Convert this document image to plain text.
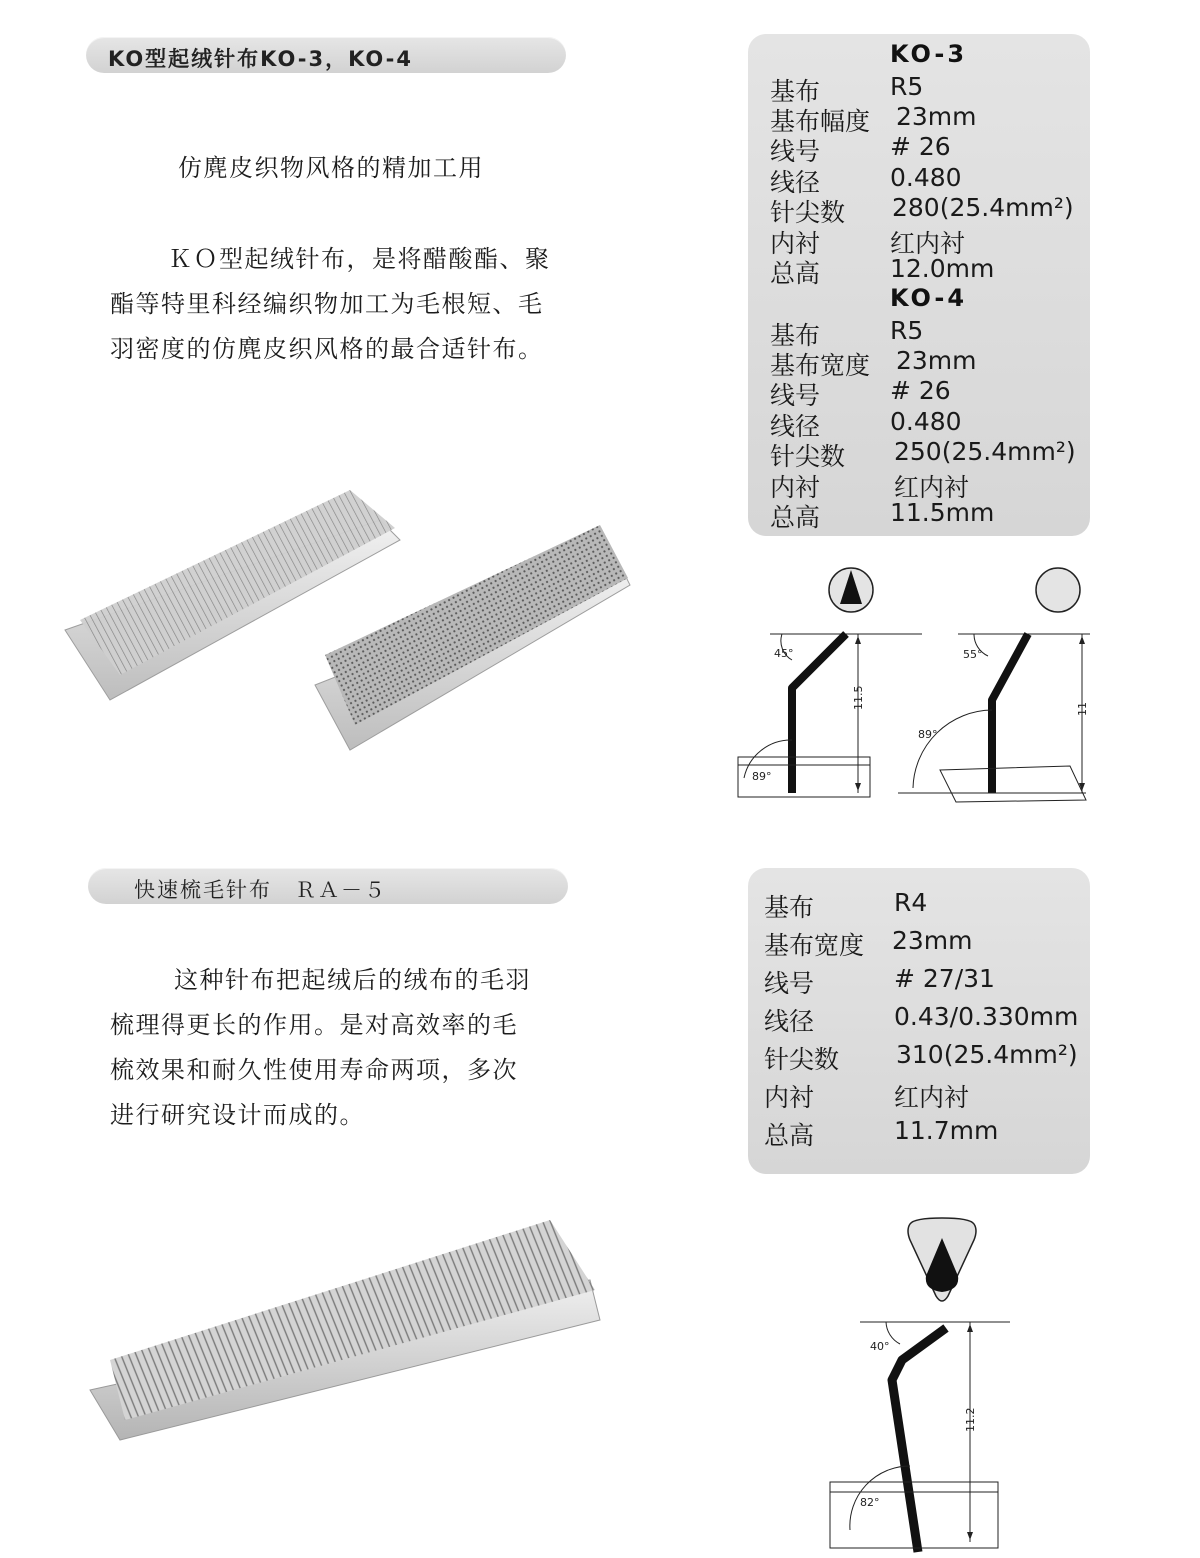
KO型起绒针布KO-3，KO-4
仿麂皮织物风格的精加工用
ＫＯ型起绒针布，是将醋酸酯、聚
酯等特里科经编织物加工为毛根短、毛
羽密度的仿麂皮织风格的最合适针布。
KO-3
基布	R5
基布幅度 23mm
线号	# 26
线径	0.480
针尖数 280(25.4mm²)
内衬	红内衬
总高	12.0mm
KO-4
基布	R5
基布宽度 23mm
线号	# 26
线径	0.480
针尖数 250(25.4mm²)
内衬	红内衬
总高	11.5mm
11.5
45°
89°
11
55°
89°
快速梳毛针布　ＲＡ－５
这种针布把起绒后的绒布的毛羽
梳理得更长的作用。是对高效率的毛
梳效果和耐久性使用寿命两项，多次
进行研究设计而成的。
基布	R4
基布宽度 23mm
线号	# 27/31
线径	0.43/0.330mm
针尖数 310(25.4mm²)
内衬	红内衬
总高	11.7mm
11.2
40°
82°
